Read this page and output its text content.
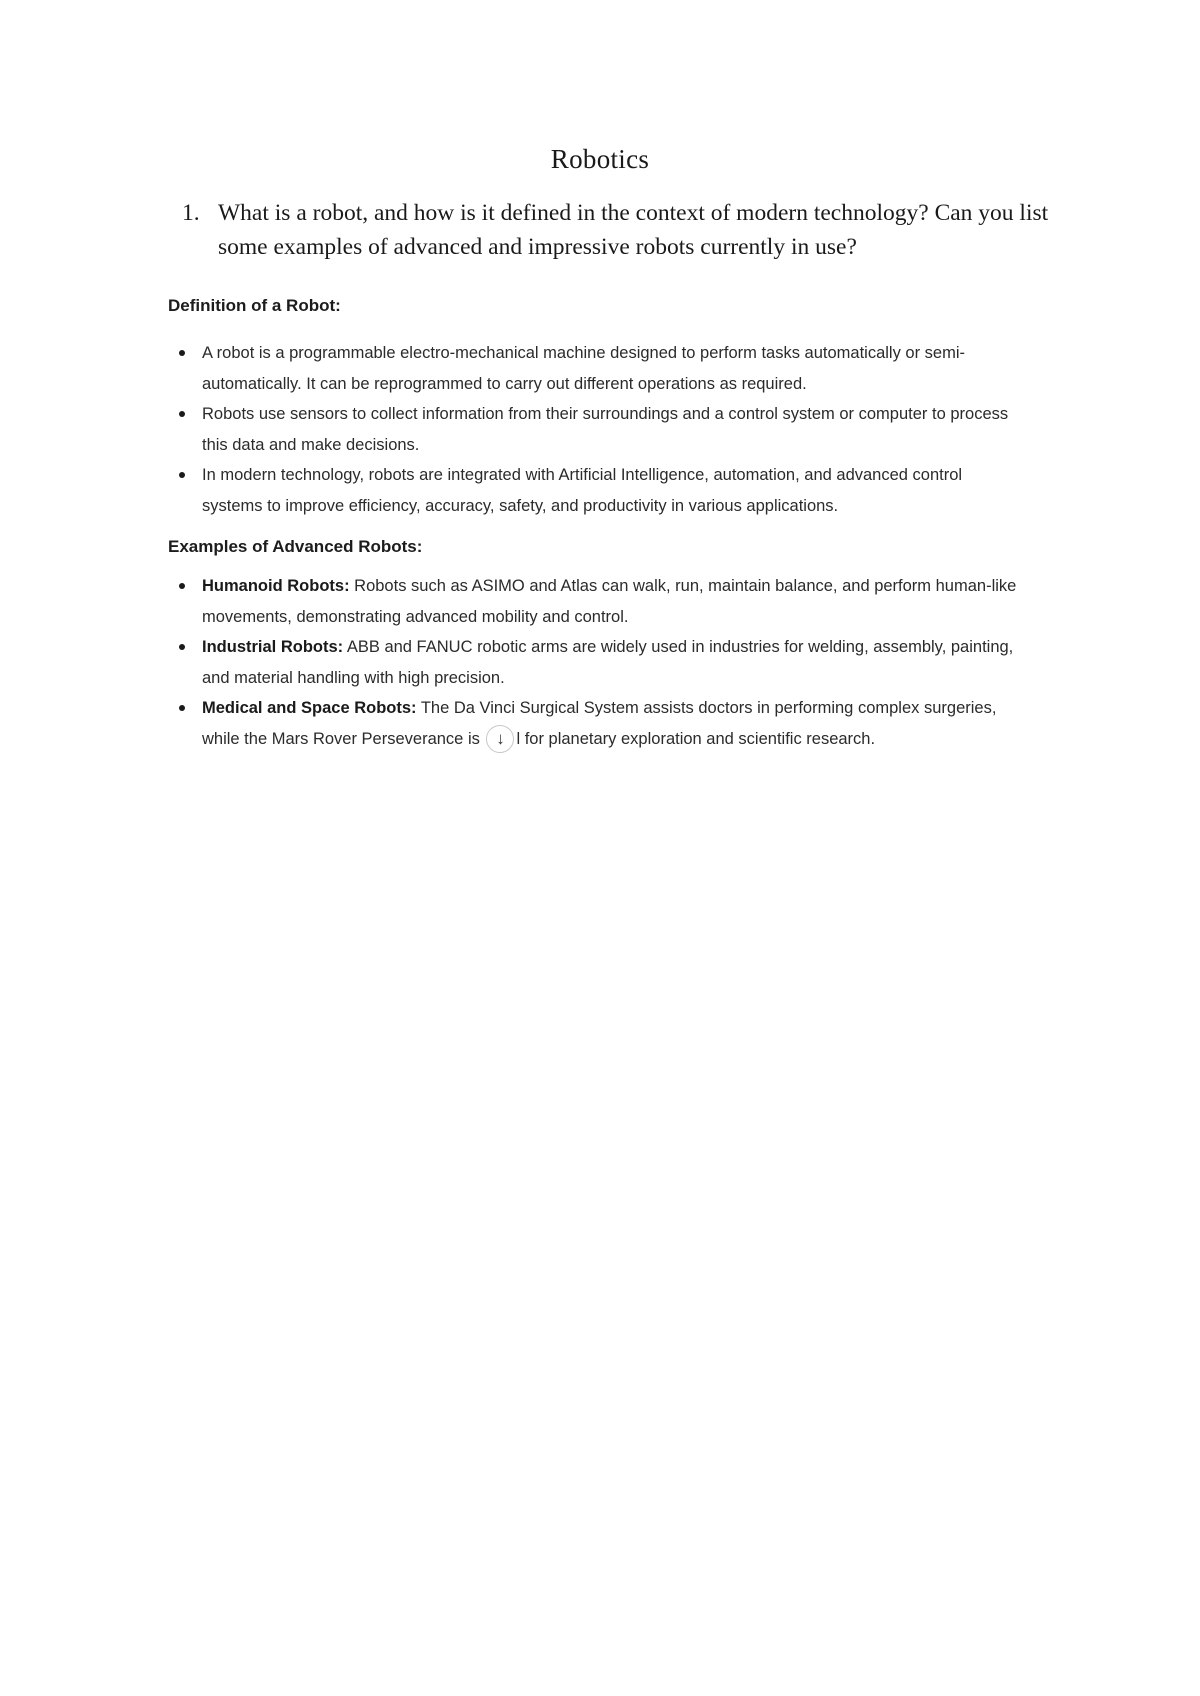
Robotics
1. What is a robot, and how is it defined in the context of modern technology? Can you list some examples of advanced and impressive robots currently in use?

Definition of a Robot:

A robot is a programmable electro-mechanical machine designed to perform tasks automatically or semi-automatically. It can be reprogrammed to carry out different operations as required.
Robots use sensors to collect information from their surroundings and a control system or computer to process this data and make decisions.
In modern technology, robots are integrated with Artificial Intelligence, automation, and advanced control systems to improve efficiency, accuracy, safety, and productivity in various applications.

Examples of Advanced Robots:

Humanoid Robots: Robots such as ASIMO and Atlas can walk, run, maintain balance, and perform human-like movements, demonstrating advanced mobility and control.
Industrial Robots: ABB and FANUC robotic arms are widely used in industries for welding, assembly, painting, and material handling with high precision.
Medical and Space Robots: The Da Vinci Surgical System assists doctors in performing complex surgeries, while the Mars Rover Perseverance is ↓ l for planetary exploration and scientific research.
